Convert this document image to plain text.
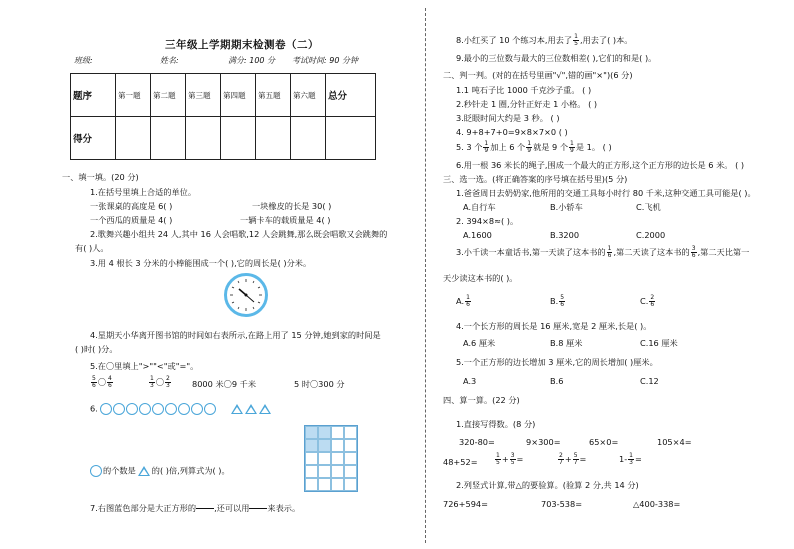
三年级上学期期末检测卷（二）
班级:	姓名:	满分: 100 分 考试时间: 90 分钟
题序	第一题	第二题	第三题	第四题	第五题	第六题	总分
得分							
一、填一填。(20 分)
1.在括号里填上合适的单位。
一张课桌的高度是 6( )	一块橡皮的长是 30( )
一个西瓜的质量是 4( )	一辆卡车的载质量是 4( )
2.歌舞兴趣小组共 24 人,其中 16 人会唱歌,12 人会跳舞,那么既会唱歌又会跳舞的
有( )人。
3.用 4 根长 3 分米的小棒能围成一个( ),它的周长是( )分米。
4.星期天小华离开图书馆的时间如右表所示,在路上用了 15 分钟,她到家的时间是
( )时( )分。
5.在〇里填上">""<"或"="。
$\frac{5}{6}$ 〇 $\frac{4}{6}$	$\frac{1}{3}$ 〇 $\frac{2}{3}$	8000 米〇9 千米	5 时〇300 分
6.
的个数是 的( )倍,列算式为( )。
7.右图蓝色部分是大正方形的 ,还可以用 来表示。
8.小红买了 10 个练习本,用去了 $\frac{1}{5}$ ,用去了( )本。
9.最小的三位数与最大的三位数相差( ),它们的和是( )。
二、判一判。(对的在括号里画"√",错的画"×")(6 分)
1.1 吨石子比 1000 千克沙子重。 ( )
2.秒针走 1 圈,分针正好走 1 小格。 ( )
3.眨眼时间大约是 3 秒。 ( )
4. 9+8+7+0=9×8×7×0 ( )
5. 3 个 $\frac{1}{9}$ 加上 6 个 $\frac{1}{9}$ 就是 9 个 $\frac{1}{9}$ 是 1。 ( )
6.用一根 36 米长的绳子,围成一个最大的正方形,这个正方形的边长是 6 米。 ( )
三、选一选。(将正确答案的序号填在括号里)(5 分)
1.爸爸周日去奶奶家,他所用的交通工具每小时行 80 千米,这种交通工具可能是( )。
A.自行车	B.小轿车	C.飞机
2. 394×8≈( )。
A.1600	B.3200	C.2000
3.小千读一本童话书,第一天读了这本书的 $\frac{1}{6}$ ,第二天读了这本书的 $\frac{3}{6}$ ,第二天比第一
天少读这本书的( )。
A. $\frac{1}{6}$	B. $\frac{5}{6}$	C. $\frac{2}{6}$
4.一个长方形的周长是 16 厘米,宽是 2 厘米,长是( )。
A.6 厘米	B.8 厘米	C.16 厘米
5.一个正方形的边长增加 3 厘米,它的周长增加( )厘米。
A.3	B.6	C.12
四、算一算。(22 分)
1.直接写得数。(8 分)
320-80=	9×300=	65×0=	105×4=
48+52=	$\frac{1}{5} + \frac{3}{5}$ =	$\frac{2}{7} + \frac{5}{7}$ =	$1- \frac{1}{3}$ =
2.列竖式计算,带△的要验算。(验算 2 分,共 14 分)
726+594=	703-538=	△400-338=
